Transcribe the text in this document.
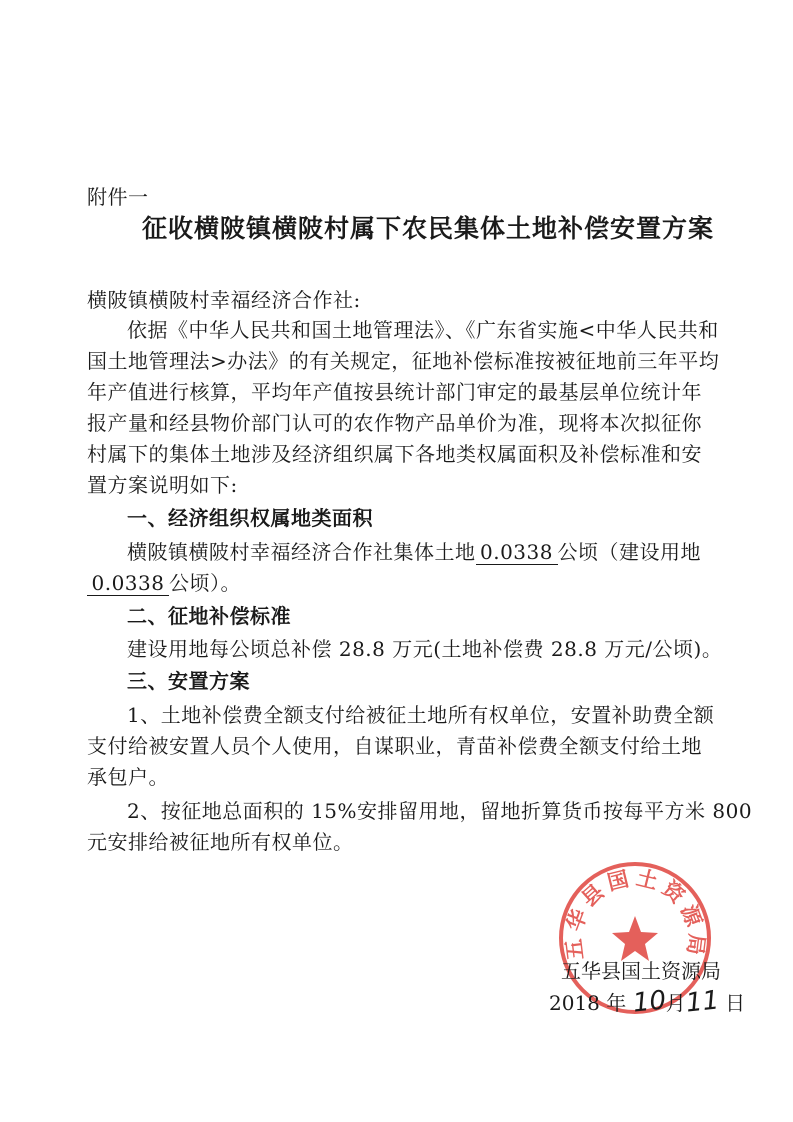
附件一
征收横陂镇横陂村属下农民集体土地补偿安置方案
横陂镇横陂村幸福经济合作社:
依据《中华人民共和国土地管理法》、《广东省实施<中华人民共和
国土地管理法>办法》的有关规定，征地补偿标准按被征地前三年平均
年产值进行核算，平均年产值按县统计部门审定的最基层单位统计年
报产量和经县物价部门认可的农作物产品单价为准，现将本次拟征你
村属下的集体土地涉及经济组织属下各地类权属面积及补偿标准和安
置方案说明如下:
一、经济组织权属地类面积
横陂镇横陂村幸福经济合作社集体土地 0.0338 公顷（建设用地
0.0338 公顷）。
二、征地补偿标准
建设用地每公顷总补偿 28.8 万元(土地补偿费 28.8 万元/公顷)。
三、安置方案
1、土地补偿费全额支付给被征土地所有权单位，安置补助费全额
支付给被安置人员个人使用，自谋职业，青苗补偿费全额支付给土地
承包户。
2、按征地总面积的 15%安排留用地，留地折算货币按每平方米 800
元安排给被征地所有权单位。
五华县国土资源局
五华县国土资源局
2018 年 10月11 日
